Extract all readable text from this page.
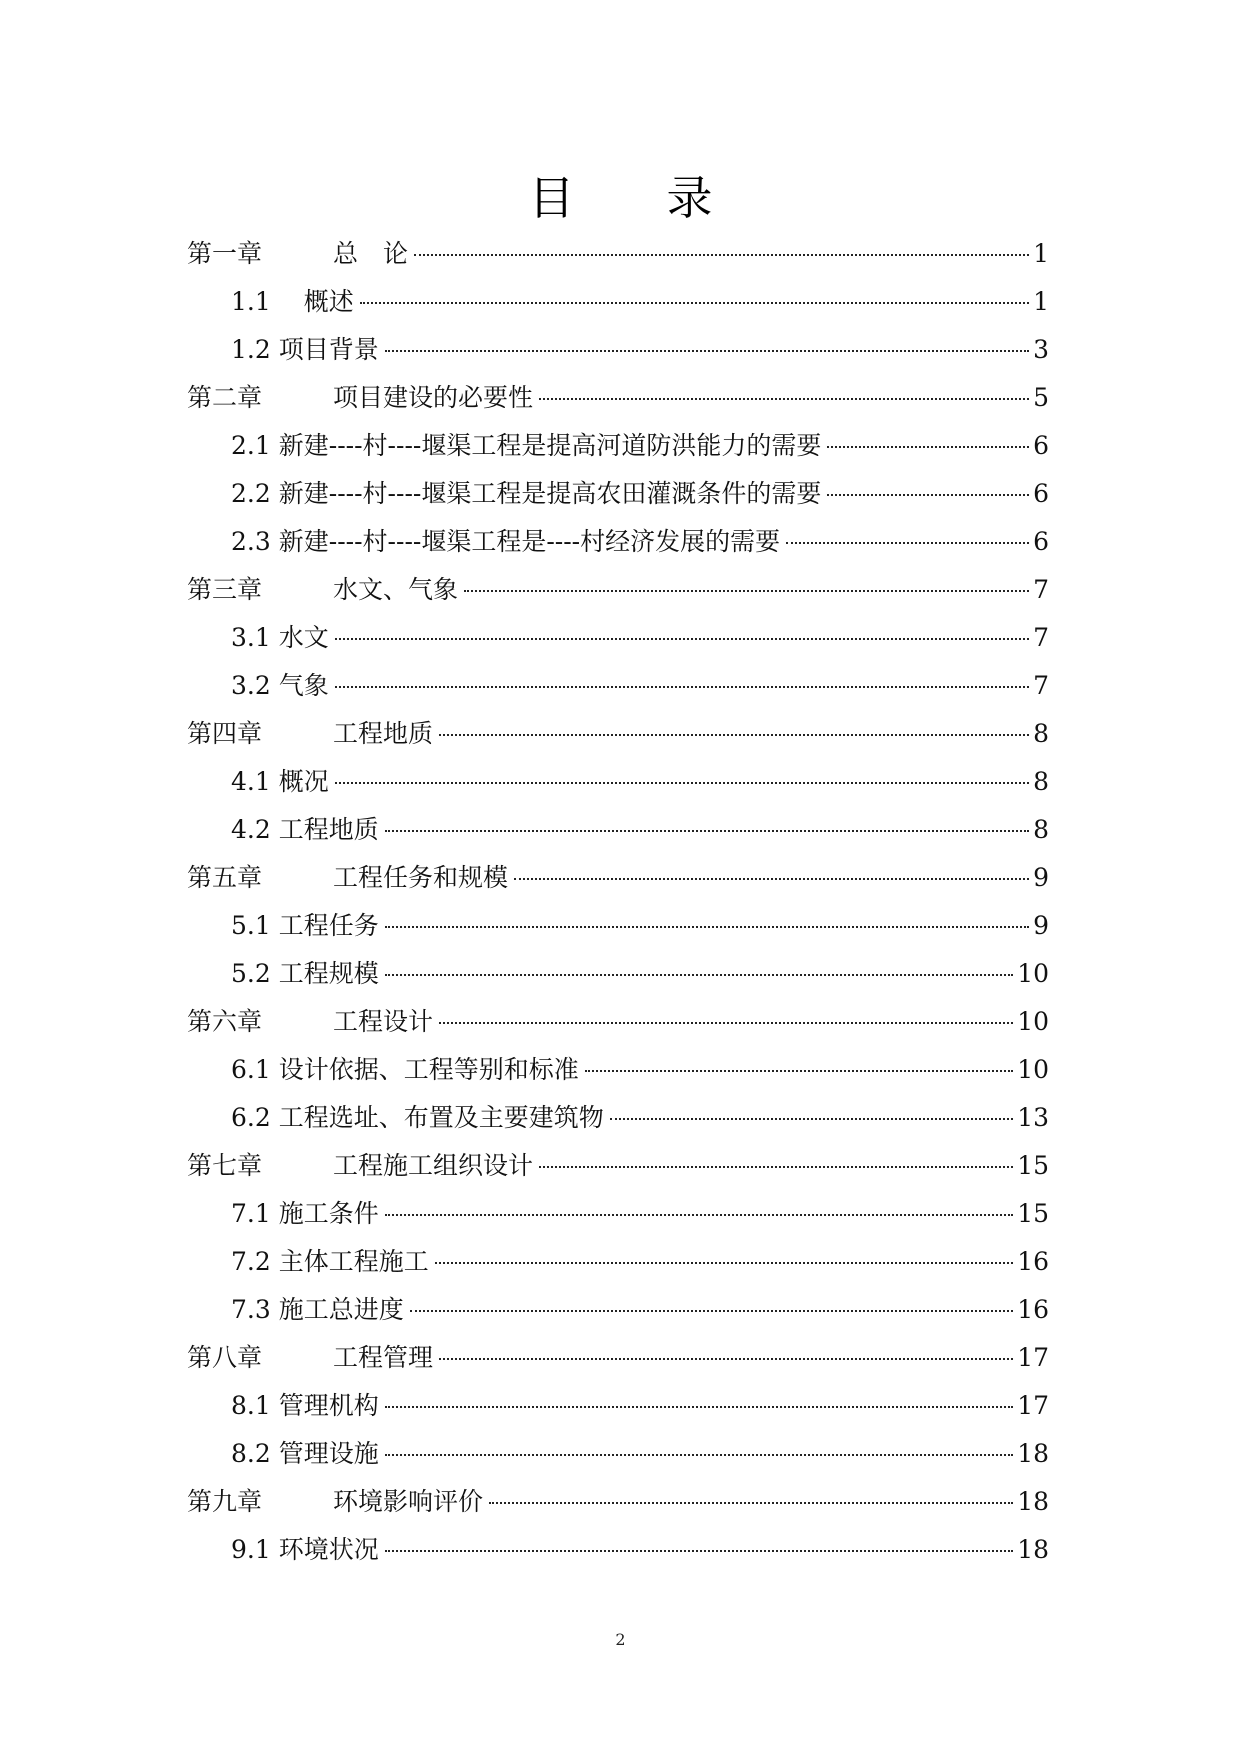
目录
第一章	总　论	1
1.1 　概述	1
1.2 项目背景	3
第二章	项目建设的必要性	5
2.1 新建----村----堰渠工程是提高河道防洪能力的需要	6
2.2 新建----村----堰渠工程是提高农田灌溉条件的需要	6
2.3 新建----村----堰渠工程是----村经济发展的需要	6
第三章	水文、气象	7
3.1 水文	7
3.2 气象	7
第四章	工程地质	8
4.1 概况	8
4.2 工程地质	8
第五章	工程任务和规模	9
5.1 工程任务	9
5.2 工程规模	10
第六章	工程设计	10
6.1 设计依据、工程等别和标准	10
6.2 工程选址、布置及主要建筑物	13
第七章	工程施工组织设计	15
7.1 施工条件	15
7.2 主体工程施工	16
7.3 施工总进度	16
第八章	工程管理	17
8.1 管理机构	17
8.2 管理设施	18
第九章	环境影响评价	18
9.1 环境状况	18
2
